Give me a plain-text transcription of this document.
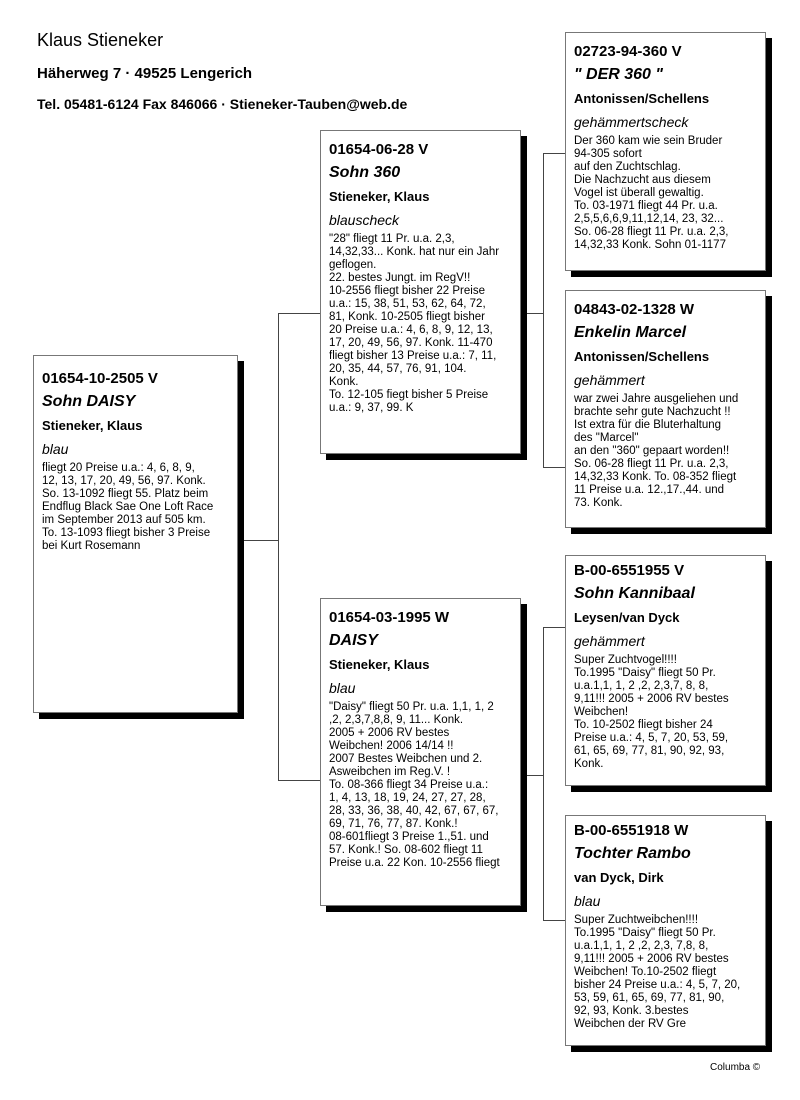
Klaus Stieneker
Häherweg 7 · 49525 Lengerich
Tel. 05481-6124 Fax 846066 · Stieneker-Tauben@web.de
01654-10-2505 V
Sohn DAISY
Stieneker, Klaus
blau
fliegt 20 Preise u.a.: 4, 6, 8, 9,
12, 13, 17, 20, 49, 56, 97. Konk.
So. 13-1092 fliegt 55. Platz beim
Endflug Black Sae One Loft Race
im September 2013 auf 505 km.
To. 13-1093 fliegt bisher 3 Preise
bei Kurt Rosemann
01654-06-28 V
Sohn 360
Stieneker, Klaus
blauscheck
"28" fliegt 11 Pr. u.a. 2,3,
14,32,33... Konk. hat nur ein Jahr
geflogen.
22. bestes Jungt. im RegV!!
10-2556 fliegt bisher 22 Preise
u.a.: 15, 38, 51, 53, 62, 64, 72,
81, Konk. 10-2505 fliegt bisher
20 Preise u.a.: 4, 6, 8, 9, 12, 13,
17, 20, 49, 56, 97. Konk. 11-470
fliegt bisher 13 Preise u.a.: 7, 11,
20, 35, 44, 57, 76, 91, 104.
Konk.
To. 12-105 fiegt bisher 5 Preise
u.a.: 9, 37, 99. K
01654-03-1995 W
DAISY
Stieneker, Klaus
blau
"Daisy" fliegt 50 Pr. u.a. 1,1, 1, 2
,2, 2,3,7,8,8, 9, 11... Konk.
2005 + 2006 RV bestes
Weibchen! 2006 14/14 !!
2007 Bestes Weibchen und 2.
Asweibchen im Reg.V. !
To. 08-366 fliegt 34 Preise u.a.:
1, 4, 13, 18, 19, 24, 27, 27, 28,
28, 33, 36, 38, 40, 42, 67, 67, 67,
69, 71, 76, 77, 87. Konk.!
08-601fliegt 3 Preise 1.,51. und
57. Konk.! So. 08-602 fliegt 11
Preise u.a. 22 Kon. 10-2556 fliegt
02723-94-360 V
" DER 360 "
Antonissen/Schellens
gehämmertscheck
Der 360 kam wie sein Bruder
94-305 sofort
auf den Zuchtschlag.
Die Nachzucht aus diesem
Vogel ist überall gewaltig.
To. 03-1971 fliegt 44 Pr. u.a.
2,5,5,6,6,9,11,12,14, 23, 32...
So. 06-28 fliegt 11 Pr. u.a. 2,3,
14,32,33 Konk. Sohn 01-1177
04843-02-1328 W
Enkelin Marcel
Antonissen/Schellens
gehämmert
war zwei Jahre ausgeliehen und
brachte sehr gute Nachzucht !!
Ist extra für die Bluterhaltung
des "Marcel"
an den "360" gepaart worden!!
So. 06-28 fliegt 11 Pr. u.a. 2,3,
14,32,33 Konk. To. 08-352 fliegt
11 Preise u.a. 12.,17.,44. und
73. Konk.
B-00-6551955 V
Sohn Kannibaal
Leysen/van Dyck
gehämmert
Super Zuchtvogel!!!!
To.1995 "Daisy" fliegt 50 Pr.
u.a.1,1, 1, 2 ,2, 2,3,7, 8, 8,
9,11!!! 2005 + 2006 RV bestes
Weibchen!
To. 10-2502 fliegt bisher 24
Preise u.a.: 4, 5, 7, 20, 53, 59,
61, 65, 69, 77, 81, 90, 92, 93,
Konk.
B-00-6551918 W
Tochter Rambo
van Dyck, Dirk
blau
Super Zuchtweibchen!!!!
To.1995 "Daisy" fliegt 50 Pr.
u.a.1,1, 1, 2 ,2, 2,3, 7,8, 8,
9,11!!! 2005 + 2006 RV bestes
Weibchen! To.10-2502 fliegt
bisher 24 Preise u.a.: 4, 5, 7, 20,
53, 59, 61, 65, 69, 77, 81, 90,
92, 93, Konk. 3.bestes
Weibchen der RV Gre
Columba ©
